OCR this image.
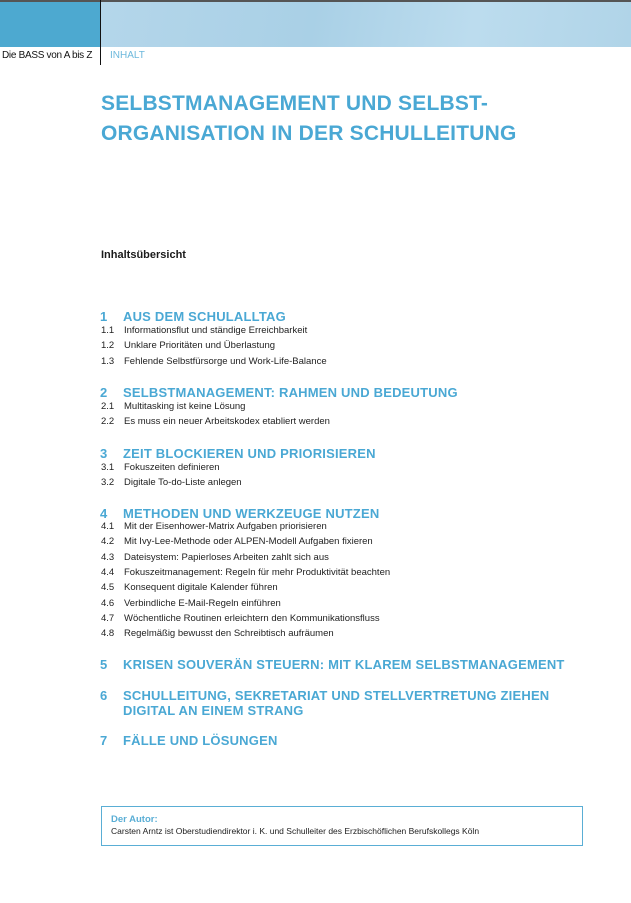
Die BASS von A bis Z INHALT
SELBSTMANAGEMENT UND SELBST-
ORGANISATION IN DER SCHULLEITUNG
Inhaltsübersicht
1 AUS DEM SCHULALLTAG
1.1 Informationsflut und ständige Erreichbarkeit
1.2 Unklare Prioritäten und Überlastung
1.3 Fehlende Selbstfürsorge und Work-Life-Balance
2 SELBSTMANAGEMENT: RAHMEN UND BEDEUTUNG
2.1 Multitasking ist keine Lösung
2.2 Es muss ein neuer Arbeitskodex etabliert werden
3 ZEIT BLOCKIEREN UND PRIORISIEREN
3.1 Fokuszeiten definieren
3.2 Digitale To-do-Liste anlegen
4 METHODEN UND WERKZEUGE NUTZEN
4.1 Mit der Eisenhower-Matrix Aufgaben priorisieren
4.2 Mit Ivy-Lee-Methode oder ALPEN-Modell Aufgaben fixieren
4.3 Dateisystem: Papierloses Arbeiten zahlt sich aus
4.4 Fokuszeitmanagement: Regeln für mehr Produktivität beachten
4.5 Konsequent digitale Kalender führen
4.6 Verbindliche E-Mail-Regeln einführen
4.7 Wöchentliche Routinen erleichtern den Kommunikationsfluss
4.8 Regelmäßig bewusst den Schreibtisch aufräumen
5 KRISEN SOUVERÄN STEUERN: MIT KLAREM SELBSTMANAGEMENT
6 SCHULLEITUNG, SEKRETARIAT UND STELLVERTRETUNG ZIEHEN
DIGITAL AN EINEM STRANG
7 FÄLLE UND LÖSUNGEN
Der Autor:
Carsten Arntz ist Oberstudiendirektor i. K. und Schulleiter des Erzbischöflichen Berufskollegs Köln
